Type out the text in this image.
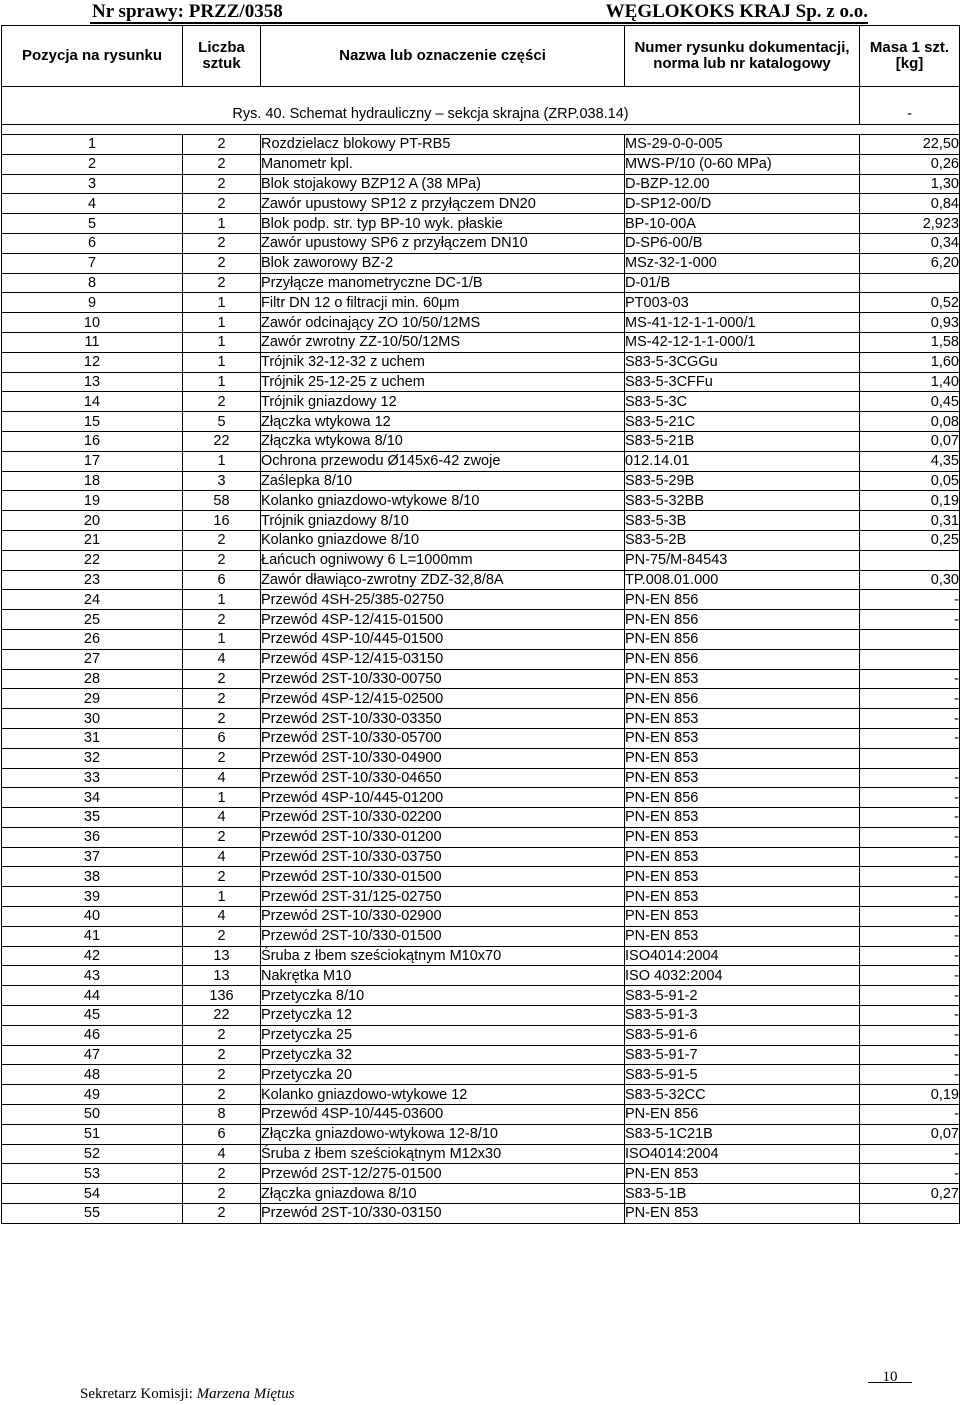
Nr sprawy: PRZZ/0358	WĘGLOKOKS KRAJ Sp. z o.o.
Pozycja na rysunku	Liczba sztuk	Nazwa lub oznaczenie części	Numer rysunku dokumentacji, norma lub nr katalogowy	Masa 1 szt. [kg]
Rys. 40. Schemat hydrauliczny – sekcja skrajna (ZRP.038.14)				-

1	2	Rozdzielacz blokowy PT-RB5	MS-29-0-0-005	22,50
2	2	Manometr kpl.	MWS-P/10 (0-60 MPa)	0,26
3	2	Blok stojakowy BZP12 A (38 MPa)	D-BZP-12.00	1,30
4	2	Zawór upustowy SP12 z przyłączem DN20	D-SP12-00/D	0,84
5	1	Blok podp. str. typ BP-10 wyk. płaskie	BP-10-00A	2,923
6	2	Zawór upustowy SP6 z przyłączem DN10	D-SP6-00/B	0,34
7	2	Blok zaworowy BZ-2	MSz-32-1-000	6,20
8	2	Przyłącze manometryczne DC-1/B	D-01/B	
9	1	Filtr DN 12 o filtracji min. 60μm	PT003-03	0,52
10	1	Zawór odcinający ZO 10/50/12MS	MS-41-12-1-1-000/1	0,93
11	1	Zawór zwrotny ZZ-10/50/12MS	MS-42-12-1-1-000/1	1,58
12	1	Trójnik 32-12-32 z uchem	S83-5-3CGGu	1,60
13	1	Trójnik 25-12-25 z uchem	S83-5-3CFFu	1,40
14	2	Trójnik gniazdowy 12	S83-5-3C	0,45
15	5	Złączka wtykowa 12	S83-5-21C	0,08
16	22	Złączka wtykowa 8/10	S83-5-21B	0,07
17	1	Ochrona przewodu Ø145x6-42 zwoje	012.14.01	4,35
18	3	Zaślepka 8/10	S83-5-29B	0,05
19	58	Kolanko gniazdowo-wtykowe 8/10	S83-5-32BB	0,19
20	16	Trójnik gniazdowy 8/10	S83-5-3B	0,31
21	2	Kolanko gniazdowe 8/10	S83-5-2B	0,25
22	2	Łańcuch ogniwowy 6 L=1000mm	PN-75/M-84543	
23	6	Zawór dławiąco-zwrotny ZDZ-32,8/8A	TP.008.01.000	0,30
24	1	Przewód 4SH-25/385-02750	PN-EN 856	-
25	2	Przewód 4SP-12/415-01500	PN-EN 856	-
26	1	Przewód 4SP-10/445-01500	PN-EN 856	
27	4	Przewód 4SP-12/415-03150	PN-EN 856	
28	2	Przewód 2ST-10/330-00750	PN-EN 853	-
29	2	Przewód 4SP-12/415-02500	PN-EN 856	-
30	2	Przewód 2ST-10/330-03350	PN-EN 853	-
31	6	Przewód 2ST-10/330-05700	PN-EN 853	-
32	2	Przewód 2ST-10/330-04900	PN-EN 853	
33	4	Przewód 2ST-10/330-04650	PN-EN 853	-
34	1	Przewód 4SP-10/445-01200	PN-EN 856	-
35	4	Przewód 2ST-10/330-02200	PN-EN 853	-
36	2	Przewód 2ST-10/330-01200	PN-EN 853	-
37	4	Przewód 2ST-10/330-03750	PN-EN 853	-
38	2	Przewód 2ST-10/330-01500	PN-EN 853	-
39	1	Przewód 2ST-31/125-02750	PN-EN 853	-
40	4	Przewód 2ST-10/330-02900	PN-EN 853	-
41	2	Przewód 2ST-10/330-01500	PN-EN 853	-
42	13	Śruba z łbem sześciokątnym M10x70	ISO4014:2004	-
43	13	Nakrętka M10	ISO 4032:2004	-
44	136	Przetyczka 8/10	S83-5-91-2	-
45	22	Przetyczka 12	S83-5-91-3	-
46	2	Przetyczka 25	S83-5-91-6	-
47	2	Przetyczka 32	S83-5-91-7	-
48	2	Przetyczka 20	S83-5-91-5	-
49	2	Kolanko gniazdowo-wtykowe 12	S83-5-32CC	0,19
50	8	Przewód 4SP-10/445-03600	PN-EN 856	-
51	6	Złączka gniazdowo-wtykowa 12-8/10	S83-5-1C21B	0,07
52	4	Śruba z łbem sześciokątnym M12x30	ISO4014:2004	-
53	2	Przewód 2ST-12/275-01500	PN-EN 853	-
54	2	Złączka gniazdowa 8/10	S83-5-1B	0,27
55	2	Przewód 2ST-10/330-03150	PN-EN 853	
Sekretarz Komisji: Marzena Miętus
10
